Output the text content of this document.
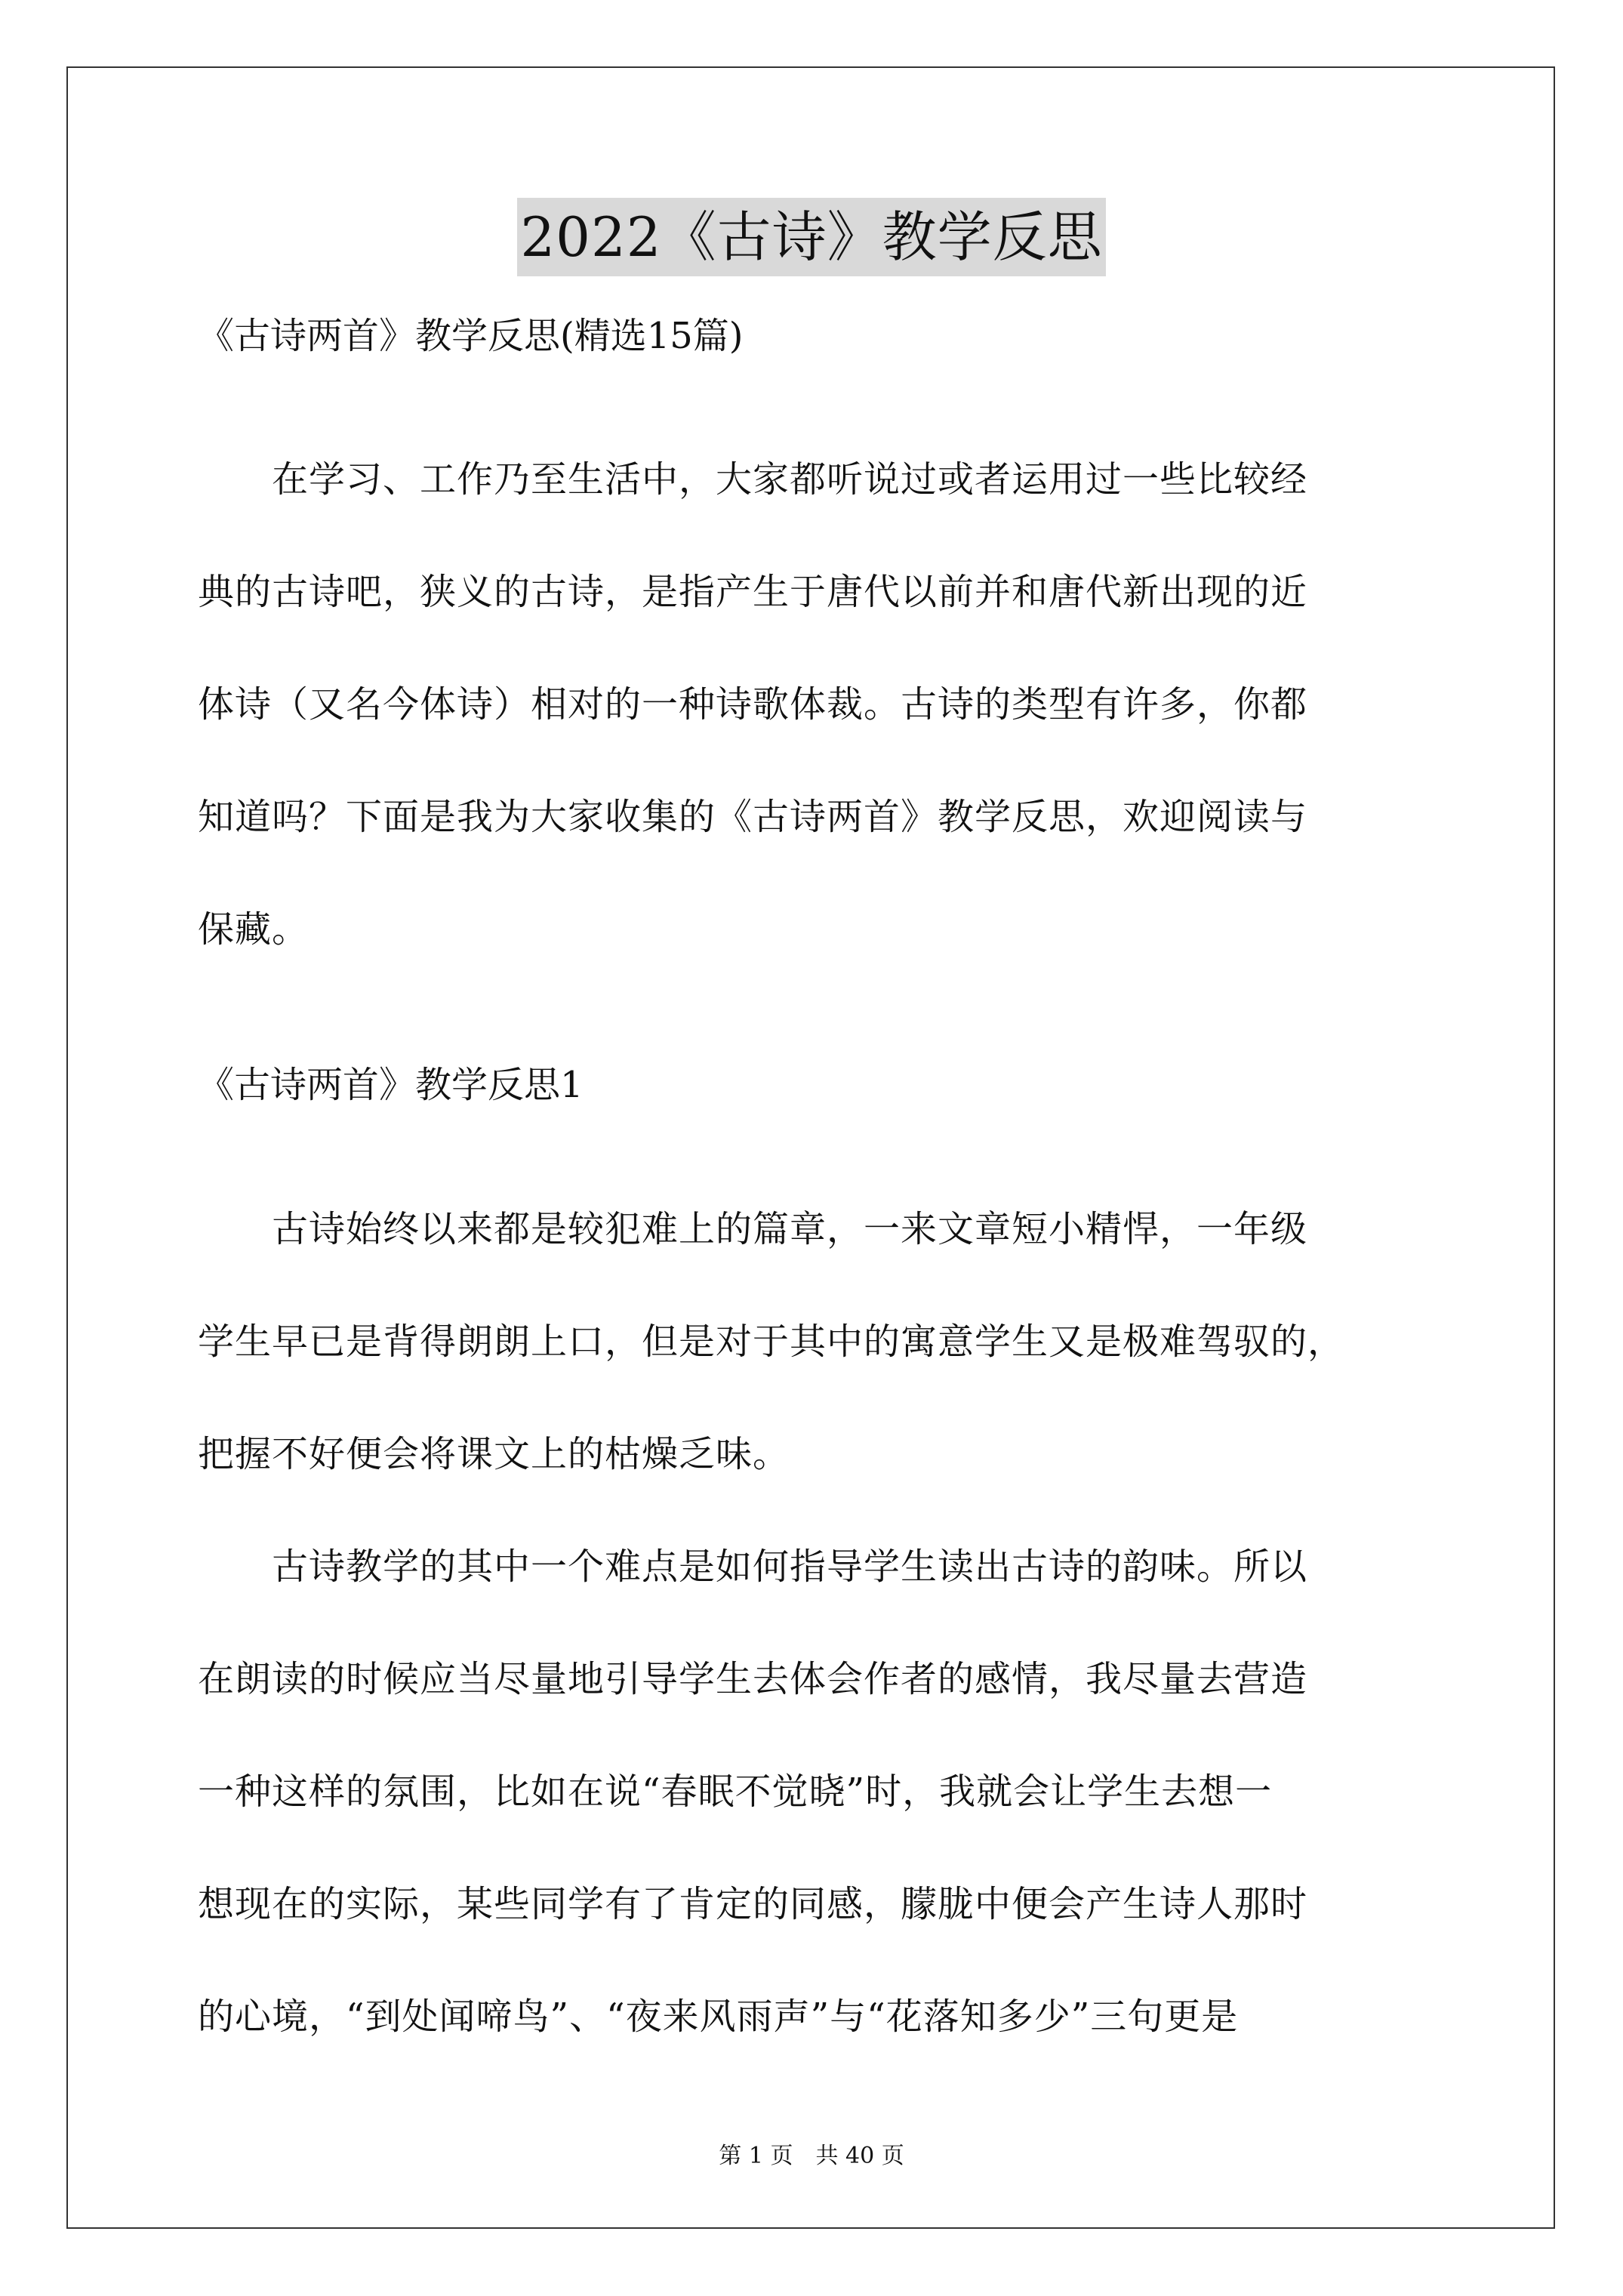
2022《古诗》教学反思
《古诗两首》教学反思(精选15篇)
　　在学习、工作乃至生活中，大家都听说过或者运用过一些比较经
典的古诗吧，狭义的古诗，是指产生于唐代以前并和唐代新出现的近
体诗（又名今体诗）相对的一种诗歌体裁。古诗的类型有许多，你都
知道吗？下面是我为大家收集的《古诗两首》教学反思，欢迎阅读与
保藏。
《古诗两首》教学反思1
　　古诗始终以来都是较犯难上的篇章，一来文章短小精悍，一年级
学生早已是背得朗朗上口，但是对于其中的寓意学生又是极难驾驭的，
把握不好便会将课文上的枯燥乏味。
　　古诗教学的其中一个难点是如何指导学生读出古诗的韵味。所以
在朗读的时候应当尽量地引导学生去体会作者的感情，我尽量去营造
一种这样的氛围，比如在说“春眠不觉晓”时，我就会让学生去想一
想现在的实际，某些同学有了肯定的同感，朦胧中便会产生诗人那时
的心境，“到处闻啼鸟”、“夜来风雨声”与“花落知多少”三句更是
第 1 页　共 40 页
